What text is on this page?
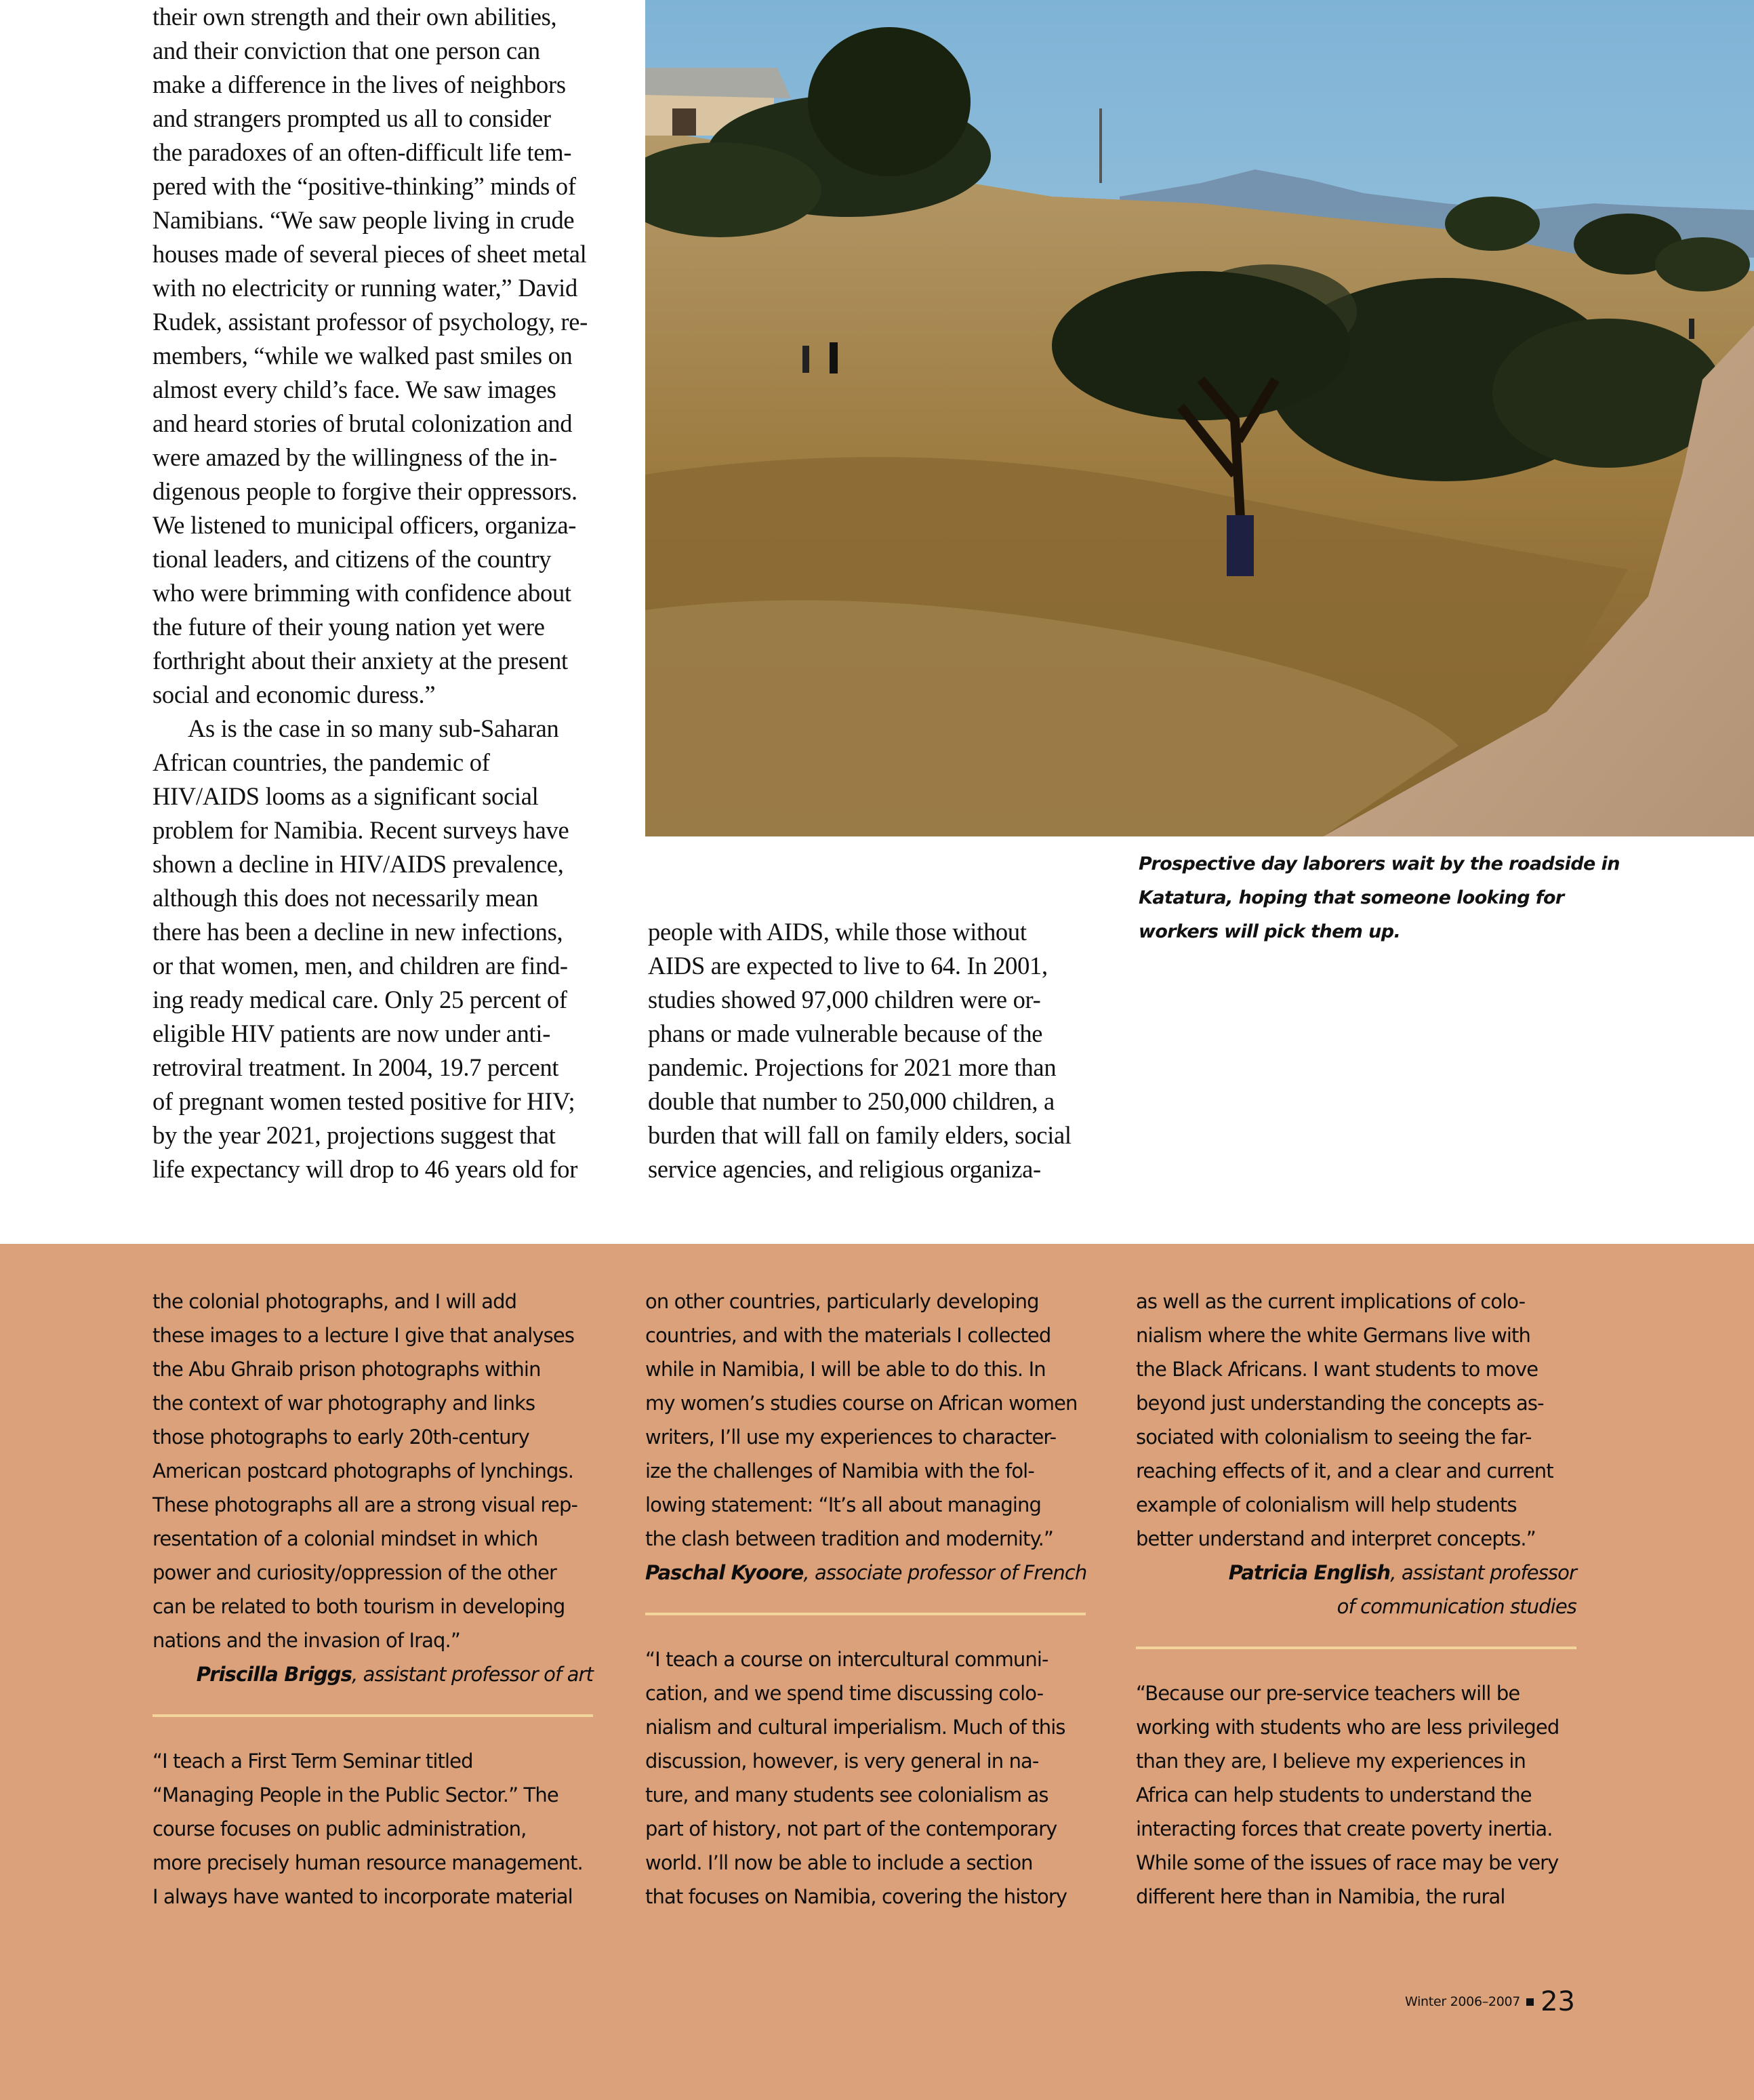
their own strength and their own abilities,
and their conviction that one person can
make a difference in the lives of neighbors
and strangers prompted us all to consider
the paradoxes of an often-difficult life tem-
pered with the “positive-thinking” minds of
Namibians. “We saw people living in crude
houses made of several pieces of sheet metal
with no electricity or running water,” David
Rudek, assistant professor of psychology, re-
members, “while we walked past smiles on
almost every child’s face. We saw images
and heard stories of brutal colonization and
were amazed by the willingness of the in-
digenous people to forgive their oppressors.
We listened to municipal officers, organiza-
tional leaders, and citizens of the country
who were brimming with confidence about
the future of their young nation yet were
forthright about their anxiety at the present
social and economic duress.”
As is the case in so many sub-Saharan
African countries, the pandemic of
HIV/AIDS looms as a significant social
problem for Namibia. Recent surveys have
shown a decline in HIV/AIDS prevalence,
although this does not necessarily mean
there has been a decline in new infections,
or that women, men, and children are find-
ing ready medical care. Only 25 percent of
eligible HIV patients are now under anti-
retroviral treatment. In 2004, 19.7 percent
of pregnant women tested positive for HIV;
by the year 2021, projections suggest that
life expectancy will drop to 46 years old for
Prospective day laborers wait by the roadside in
Katatura, hoping that someone looking for
workers will pick them up.
people with AIDS, while those without
AIDS are expected to live to 64. In 2001,
studies showed 97,000 children were or-
phans or made vulnerable because of the
pandemic. Projections for 2021 more than
double that number to 250,000 children, a
burden that will fall on family elders, social
service agencies, and religious organiza-
the colonial photographs, and I will add
these images to a lecture I give that analyses
the Abu Ghraib prison photographs within
the context of war photography and links
those photographs to early 20th-century
American postcard photographs of lynchings.
These photographs all are a strong visual rep-
resentation of a colonial mindset in which
power and curiosity/oppression of the other
can be related to both tourism in developing
nations and the invasion of Iraq.”
Priscilla Briggs, assistant professor of art
“I teach a First Term Seminar titled
“Managing People in the Public Sector.” The
course focuses on public administration,
more precisely human resource management.
I always have wanted to incorporate material
on other countries, particularly developing
countries, and with the materials I collected
while in Namibia, I will be able to do this. In
my women’s studies course on African women
writers, I’ll use my experiences to character-
ize the challenges of Namibia with the fol-
lowing statement: “It’s all about managing
the clash between tradition and modernity.”
Paschal Kyoore, associate professor of French
“I teach a course on intercultural communi-
cation, and we spend time discussing colo-
nialism and cultural imperialism. Much of this
discussion, however, is very general in na-
ture, and many students see colonialism as
part of history, not part of the contemporary
world. I’ll now be able to include a section
that focuses on Namibia, covering the history
as well as the current implications of colo-
nialism where the white Germans live with
the Black Africans. I want students to move
beyond just understanding the concepts as-
sociated with colonialism to seeing the far-
reaching effects of it, and a clear and current
example of colonialism will help students
better understand and interpret concepts.”
Patricia English, assistant professor
of communication studies
“Because our pre-service teachers will be
working with students who are less privileged
than they are, I believe my experiences in
Africa can help students to understand the
interacting forces that create poverty inertia.
While some of the issues of race may be very
different here than in Namibia, the rural
Winter 2006–2007 23
